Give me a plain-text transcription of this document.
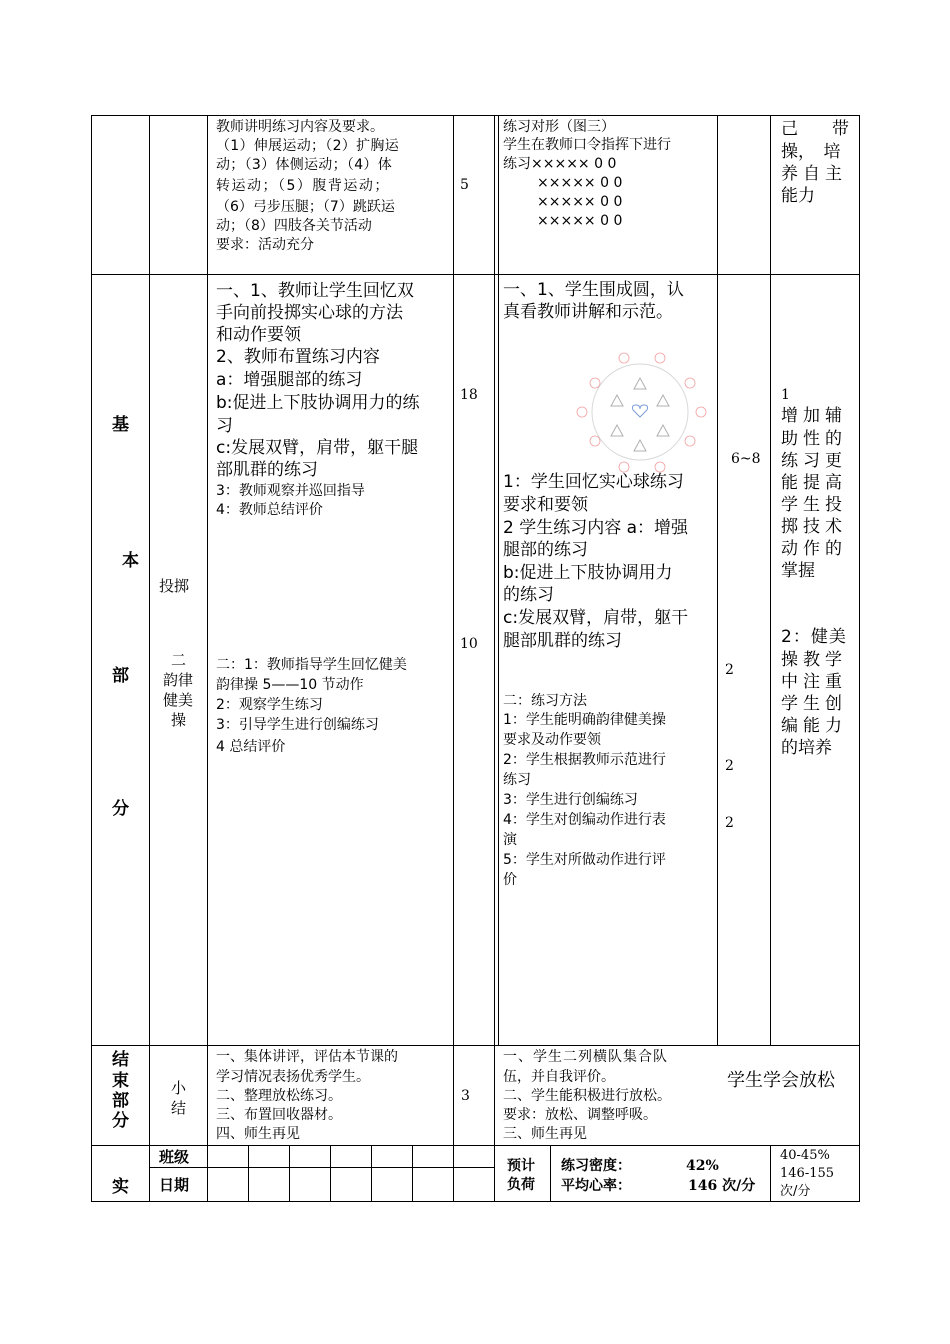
教师讲明练习内容及要求。
（1）伸展运动；（2）扩胸运
动；（3）体侧运动；（4）体
转运动；（5）腹背运动；
（6）弓步压腿；（7）跳跃运
动；（8）四肢各关节活动
要求：活动充分
5
练习对形（图三）
学生在教师口令指挥下进行
练习××××× 0 0
××××× 0 0
××××× 0 0
××××× 0 0
己　　带
操，　培
养自主
能力
基
本
部
分
投掷
二
韵律
健美
操
一、1、教师让学生回忆双
手向前投掷实心球的方法
和动作要领
2、教师布置练习内容
a：增强腿部的练习
b:促进上下肢协调用力的练
习
c:发展双臂，肩带，躯干腿
部肌群的练习
3：教师观察并巡回指导
4：教师总结评价
二：1：教师指导学生回忆健美
韵律操 5——10 节动作
2：观察学生练习
3：引导学生进行创编练习
4 总结评价
18
10
一、1、学生围成圆，认
真看教师讲解和示范。
1：学生回忆实心球练习
要求和要领
2 学生练习内容 a：增强
腿部的练习
b:促进上下肢协调用力
的练习
c:发展双臂，肩带，躯干
腿部肌群的练习
二：练习方法
1：学生能明确韵律健美操
要求及动作要领
2：学生根据教师示范进行
练习
3：学生进行创编练习
4：学生对创编动作进行表
演
5：学生对所做动作进行评
价
6~8
2
2
2
1
增加辅
助性的
练习更
能提高
学生投
掷技术
动作的
掌握
2：健美
操教学
中注重
学生创
编能力
的培养
结
束
部
分
小
结
一、集体讲评，评估本节课的
学习情况表扬优秀学生。
二、整理放松练习。
三、布置回收器材。
四、师生再见
3
一、学生二列横队集合队
伍，并自我评价。
二、学生能积极进行放松。
要求：放松、调整呼吸。
三、师生再见
学生学会放松
实
班级
日期
预计
负荷
练习密度：	42%
平均心率：	146 次/分
40-45%
146-155
次/分
